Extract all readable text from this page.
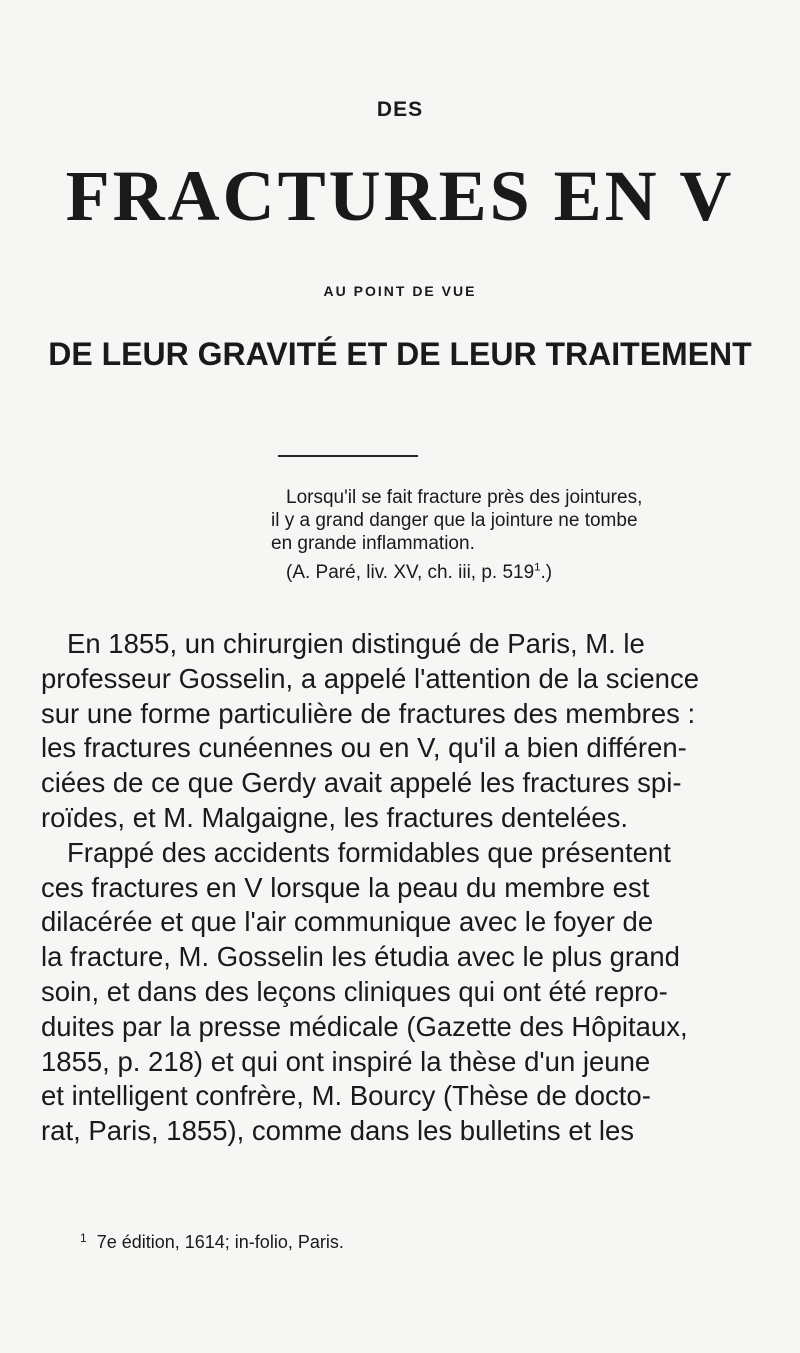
DES
FRACTURES EN V
AU POINT DE VUE
DE LEUR GRAVITÉ ET DE LEUR TRAITEMENT
Lorsqu'il se fait fracture près des jointures,
il y a grand danger que la jointure ne tombe
en grande inflammation.
(A. Paré, liv. XV, ch. iii, p. $519^1$.)
En 1855, un chirurgien distingué de Paris, M. le
professeur Gosselin, a appelé l'attention de la science
sur une forme particulière de fractures des membres :
les fractures cunéennes ou en V, qu'il a bien différen-
ciées de ce que Gerdy avait appelé les fractures spi-
roïdes, et M. Malgaigne, les fractures dentelées.
Frappé des accidents formidables que présentent
ces fractures en V lorsque la peau du membre est
dilacérée et que l'air communique avec le foyer de
la fracture, M. Gosselin les étudia avec le plus grand
soin, et dans des leçons cliniques qui ont été repro-
duites par la presse médicale (Gazette des Hôpitaux,
1855, p. 218) et qui ont inspiré la thèse d'un jeune
et intelligent confrère, M. Bourcy (Thèse de docto-
rat, Paris, 1855), comme dans les bulletins et les
$^1$ 7e édition, 1614; in-folio, Paris.
